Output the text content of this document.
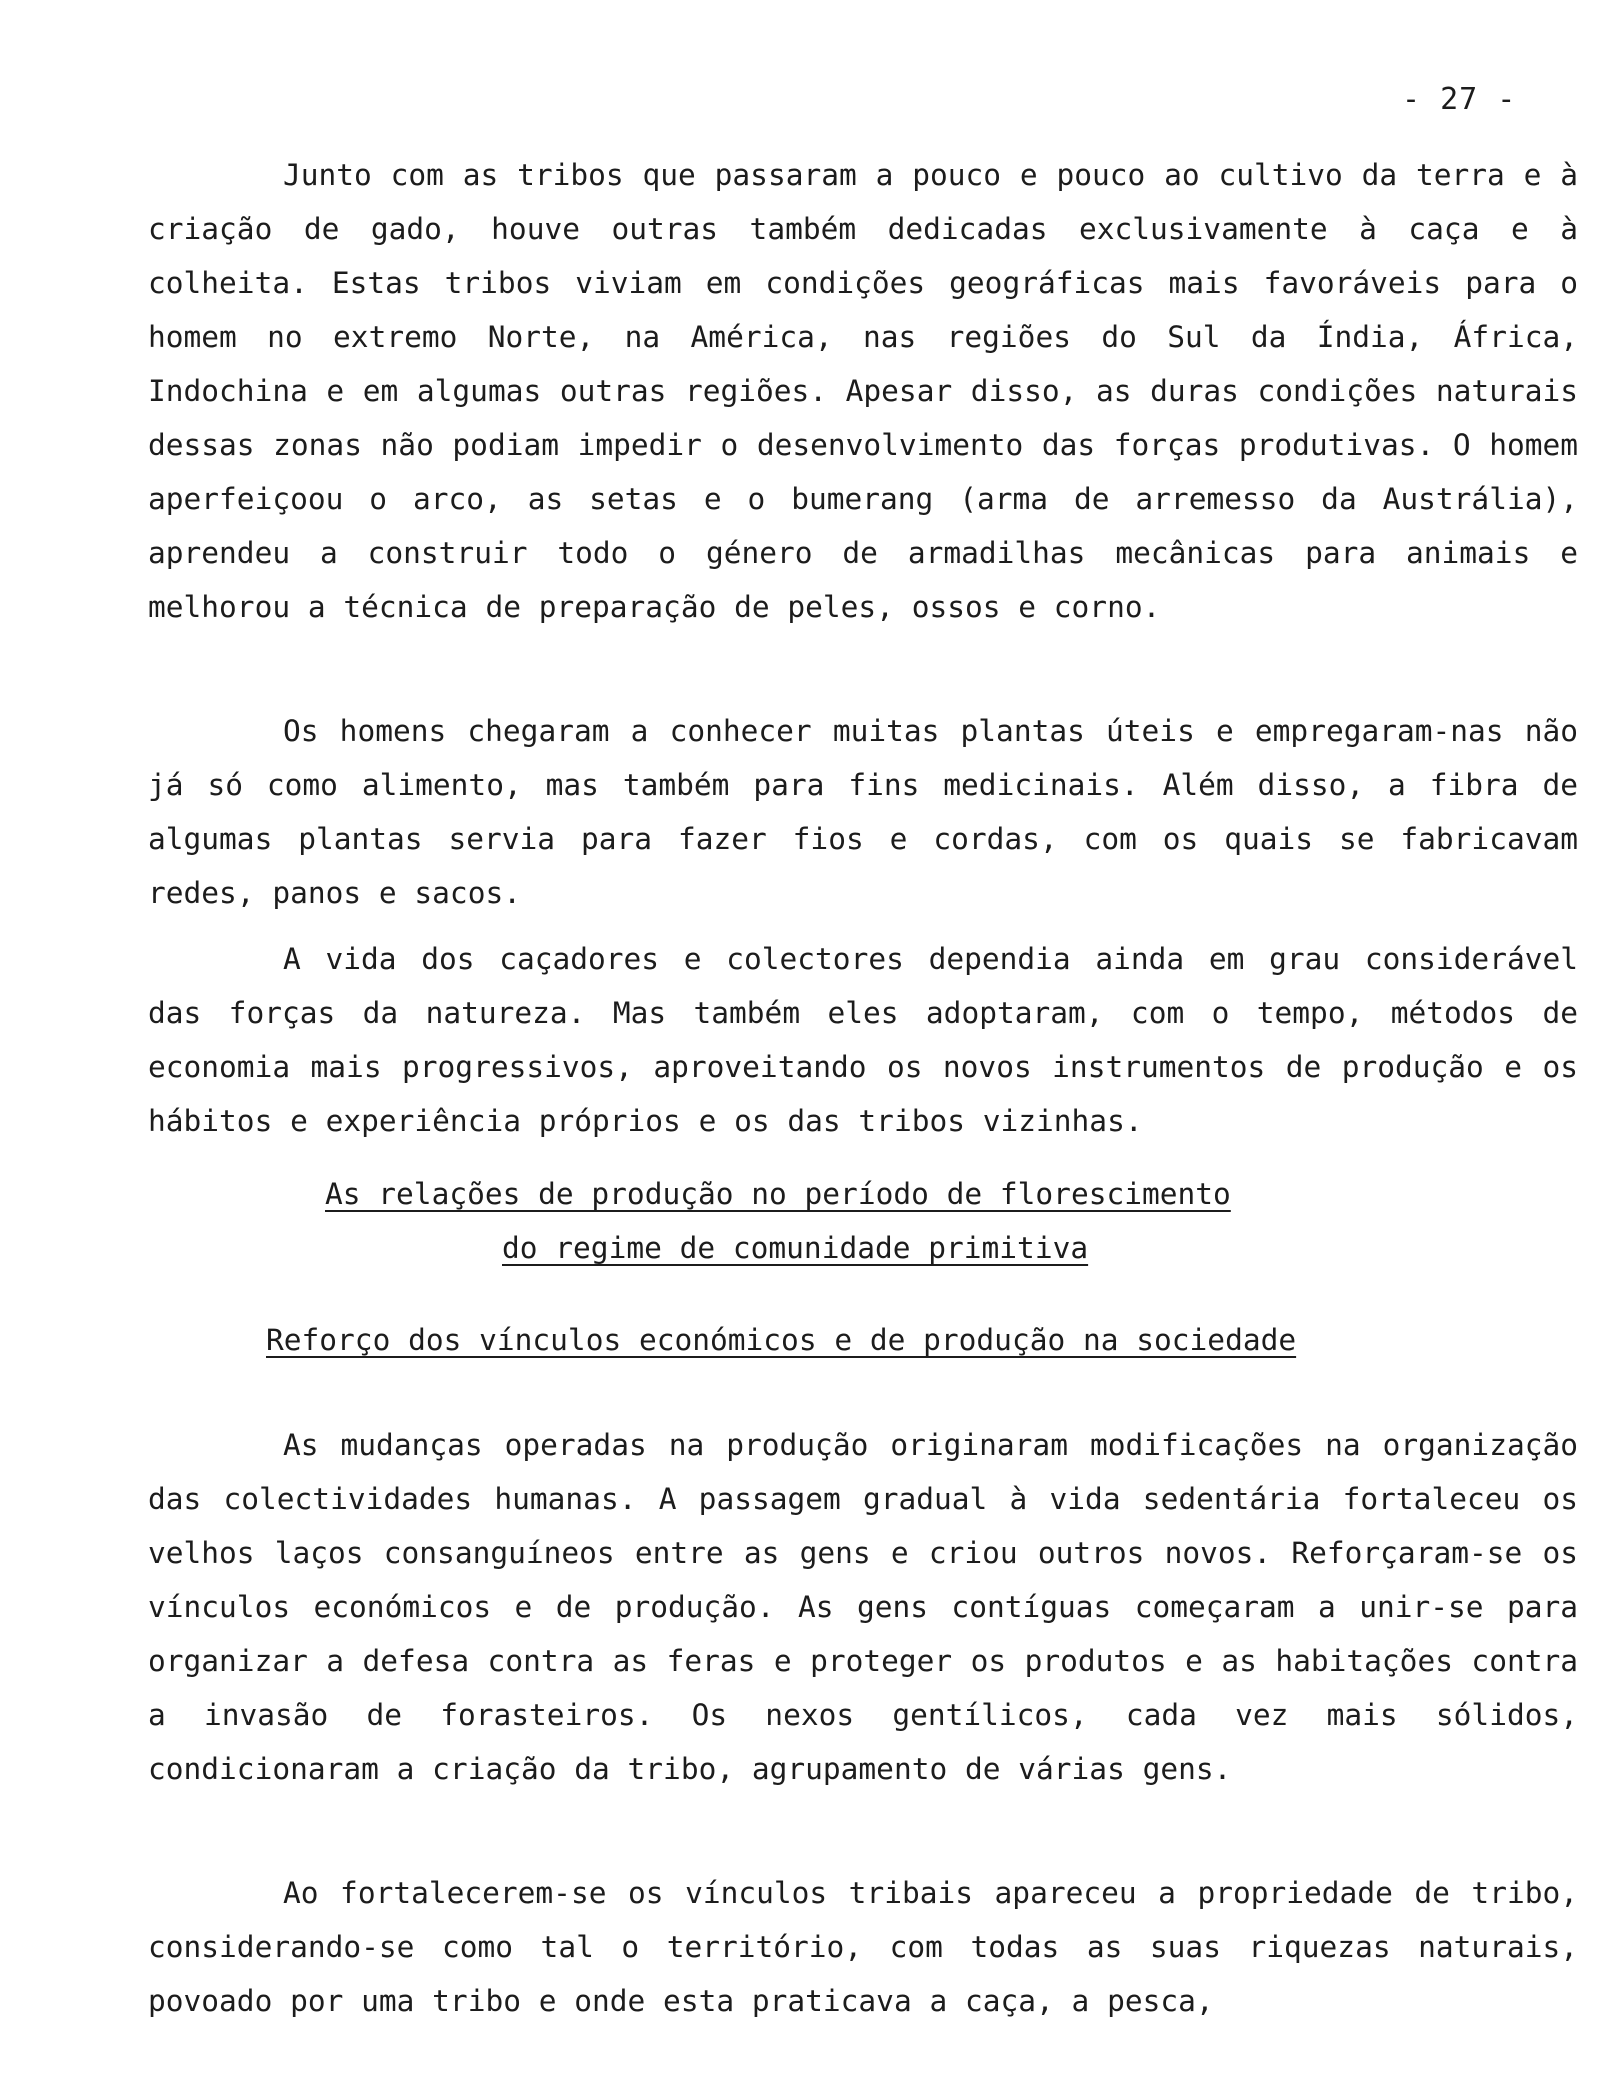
- 27 -

Junto com as tribos que passaram a pouco e pouco ao cultivo da terra e à criação de gado, houve outras também dedicadas exclusivamente à caça e à colheita. Estas tribos viviam em condições geográficas mais favoráveis para o homem no extremo Norte, na América, nas regiões do Sul da Índia, África, Indochina e em algumas outras regiões. Apesar disso, as duras condições naturais dessas zonas não podiam impedir o desenvolvimento das forças produtivas. O homem aperfeiçoou o arco, as setas e o bumerang (arma de arremesso da Austrália), aprendeu a construir todo o género de armadilhas mecânicas para animais e melhorou a técnica de preparação de peles, ossos e corno.

Os homens chegaram a conhecer muitas plantas úteis e empregaram-nas não já só como alimento, mas também para fins medicinais. Além disso, a fibra de algumas plantas servia para fazer fios e cordas, com os quais se fabricavam redes, panos e sacos.

A vida dos caçadores e colectores dependia ainda em grau considerável das forças da natureza. Mas também eles adoptaram, com o tempo, métodos de economia mais progressivos, aproveitando os novos instrumentos de produção e os hábitos e experiência próprios e os das tribos vizinhas.

As relações de produção no período de florescimento
do regime de comunidade primitiva
Reforço dos vínculos económicos e de produção na sociedade

As mudanças operadas na produção originaram modificações na organização das colectividades humanas. A passagem gradual à vida sedentária fortaleceu os velhos laços consanguíneos entre as gens e criou outros novos. Reforçaram-se os vínculos económicos e de produção. As gens contíguas começaram a unir-se para organizar a defesa contra as feras e proteger os produtos e as habitações contra a invasão de forasteiros. Os nexos gentílicos, cada vez mais sólidos, condicionaram a criação da tribo, agrupamento de várias gens.

Ao fortalecerem-se os vínculos tribais apareceu a propriedade de tribo, considerando-se como tal o território, com todas as suas riquezas naturais, povoado por uma tribo e onde esta praticava a caça, a pesca,
